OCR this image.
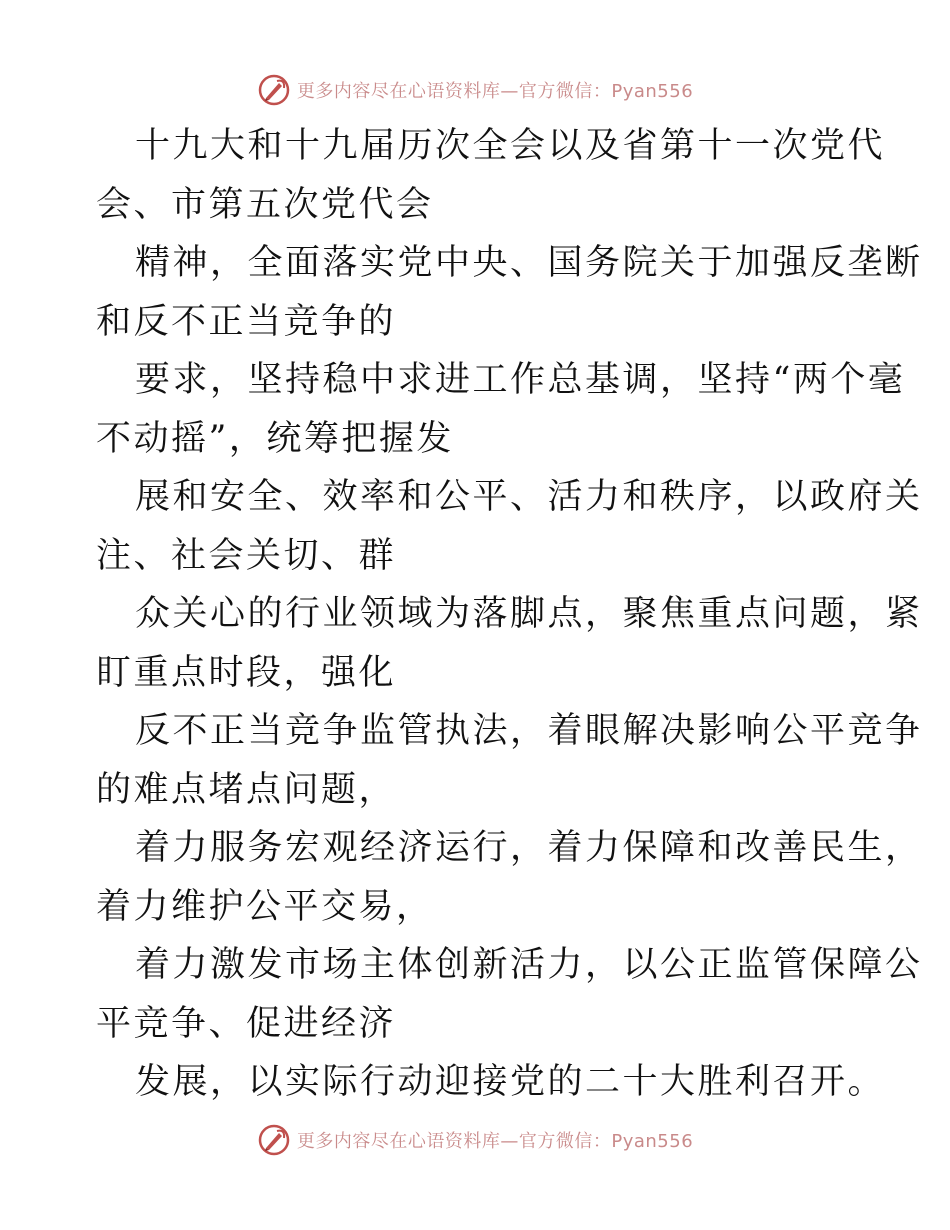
更多内容尽在心语资料库—官方微信：Pyan556
十九大和十九届历次全会以及省第十一次党代
会、市第五次党代会
精神，全面落实党中央、国务院关于加强反垄断
和反不正当竞争的
要求，坚持稳中求进工作总基调，坚持“两个毫
不动摇”，统筹把握发
展和安全、效率和公平、活力和秩序，以政府关
注、社会关切、群
众关心的行业领域为落脚点，聚焦重点问题，紧
盯重点时段，强化
反不正当竞争监管执法，着眼解决影响公平竞争
的难点堵点问题，
着力服务宏观经济运行，着力保障和改善民生，
着力维护公平交易，
着力激发市场主体创新活力，以公正监管保障公
平竞争、促进经济
发展，以实际行动迎接党的二十大胜利召开。
更多内容尽在心语资料库—官方微信：Pyan556
